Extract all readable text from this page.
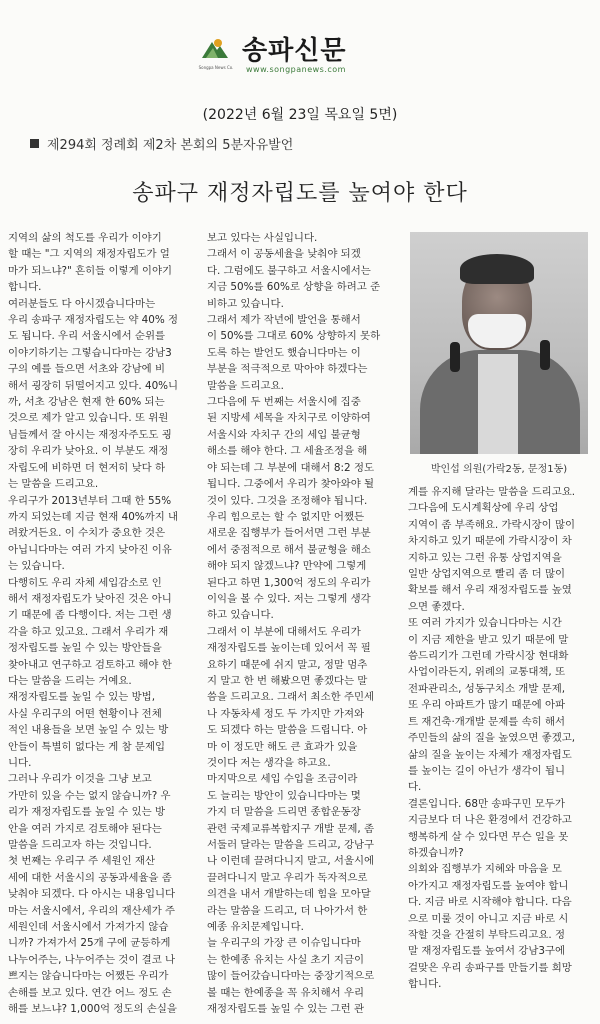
Songpa News Co.
송파신문
www.songpanews.com
(2022년 6월 23일 목요일 5면)
제294회 정례회 제2차 본회의 5분자유발언
송파구 재정자립도를 높여야 한다
지역의 삶의 척도를 우리가 이야기
할 때는 "그 지역의 재정자립도가 얼
마가 되느냐?" 흔히들 이렇게 이야기
합니다.
여러분들도 다 아시겠습니다마는
우리 송파구 재정자립도는 약 40% 정
도 됩니다. 우리 서울시에서 순위를
이야기하기는 그렇습니다마는 강남3
구의 예를 들으면 서초와 강남에 비
해서 굉장히 뒤떨어지고 있다. 40%니
까, 서초 강남은 현재 한 60% 되는
것으로 제가 알고 있습니다. 또 위원
님들께서 잘 아시는 재정자주도도 굉
장히 우리가 낮아요. 이 부분도 재정
자립도에 비하면 더 현저히 낮다 하
는 말씀을 드리고요.
우리구가 2013년부터 그때 한 55%
까지 되었는데 지금 현재 40%까지 내
려왔거든요. 이 수치가 중요한 것은
아닙니다마는 여러 가지 낮아진 이유
는 있습니다.
다행히도 우리 자체 세입감소로 인
해서 재정자립도가 낮아진 것은 아니
기 때문에 좀 다행이다. 저는 그런 생
각을 하고 있고요. 그래서 우리가 재
정자립도를 높일 수 있는 방안들을
찾아내고 연구하고 검토하고 해야 한
다는 말씀을 드리는 거예요.
재정자립도를 높일 수 있는 방법,
사실 우리구의 어떤 현황이나 전체
적인 내용들을 보면 높일 수 있는 방
안들이 특별히 없다는 게 참 문제입
니다.
그러나 우리가 이것을 그냥 보고
가만히 있을 수는 없지 않습니까? 우
리가 재정자립도를 높일 수 있는 방
안을 여러 가지로 검토해야 된다는
말씀을 드리고자 하는 것입니다.
첫 번째는 우리구 주 세원인 재산
세에 대한 서울시의 공동과세율을 좀
낮춰야 되겠다. 다 아시는 내용입니다
마는 서울시에서, 우리의 재산세가 주
세원인데 서울시에서 가져가지 않습
니까? 가져가서 25개 구에 균등하게
나누어주는, 나누어주는 것이 결코 나
쁘지는 않습니다마는 어쨌든 우리가
손해를 보고 있다. 연간 어느 정도 손
해를 보느냐? 1,000억 정도의 손실을
보고 있다는 사실입니다.
그래서 이 공동세율을 낮춰야 되겠
다. 그럼에도 불구하고 서울시에서는
지금 50%를 60%로 상향을 하려고 준
비하고 있습니다.
그래서 제가 작년에 발언을 통해서
이 50%를 그대로 60% 상향하지 못하
도록 하는 발언도 했습니다마는 이
부분을 적극적으로 막아야 하겠다는
말씀을 드리고요.
그다음에 두 번째는 서울시에 집중
된 지방세 세목을 자치구로 이양하여
서울시와 자치구 간의 세입 불균형
해소를 해야 한다. 그 세율조정을 해
야 되는데 그 부분에 대해서 8:2 정도
됩니다. 그중에서 우리가 찾아와야 될
것이 있다. 그것을 조정해야 됩니다.
우리 힘으로는 할 수 없지만 어쨌든
새로운 집행부가 들어서면 그런 부분
에서 중점적으로 해서 불균형을 해소
해야 되지 않겠느냐? 만약에 그렇게
된다고 하면 1,300억 정도의 우리가
이익을 볼 수 있다. 저는 그렇게 생각
하고 있습니다.
그래서 이 부분에 대해서도 우리가
재정자립도를 높이는데 있어서 꼭 필
요하기 때문에 쉬지 말고, 정말 멈추
지 말고 한 번 해봤으면 좋겠다는 말
씀을 드리고요. 그래서 최소한 주민세
나 자동차세 정도 두 가지만 가져와
도 되겠다 하는 말씀을 드립니다. 아
마 이 정도만 해도 큰 효과가 있을
것이다 저는 생각을 하고요.
마지막으로 세입 수입을 조금이라
도 늘리는 방안이 있습니다마는 몇
가지 더 말씀을 드리면 종합운동장
관련 국제교류복합지구 개발 문제, 좀
서둘러 달라는 말씀을 드리고, 강남구
나 이런데 끌려다니지 말고, 서울시에
끌려다니지 말고 우리가 독자적으로
의견을 내서 개발하는데 힘을 모아달
라는 말씀을 드리고, 더 나아가서 한
예종 유치문제입니다.
늘 우리구의 가장 큰 이슈입니다마
는 한예종 유치는 사실 초기 지금이
많이 들어갔습니다마는 중장기적으로
볼 때는 한예종을 꼭 유치해서 우리
재정자립도를 높일 수 있는 그런 관
박인섭 의원(가락2동, 문정1동)
계를 유지해 달라는 말씀을 드리고요.
그다음에 도시계획상에 우리 상업
지역이 좀 부족해요. 가락시장이 많이
차지하고 있기 때문에 가락시장이 차
지하고 있는 그런 유통 상업지역을
일반 상업지역으로 빨리 좀 더 많이
확보를 해서 우리 재정자립도를 높였
으면 좋겠다.
또 여러 가지가 있습니다마는 시간
이 지금 제한을 받고 있기 때문에 말
씀드리기가 그런데 가락시장 현대화
사업이라든지, 위례의 교통대책, 또
전파관리소, 성동구치소 개발 문제,
또 우리 아파트가 많기 때문에 아파
트 재건축·개개발 문제를 속히 해서
주민들의 삶의 질을 높였으면 좋겠고,
삶의 질을 높이는 자체가 재정자립도
를 높이는 길이 아닌가 생각이 됩니
다.
결론입니다. 68만 송파구민 모두가
지금보다 더 나은 환경에서 건강하고
행복하게 살 수 있다면 무슨 일을 못
하겠습니까?
의회와 집행부가 지혜와 마음을 모
아가지고 재정자립도를 높여야 합니
다. 지금 바로 시작해야 합니다. 다음
으로 미룰 것이 아니고 지금 바로 시
작할 것을 간절히 부탁드리고요. 정
말 재정자립도를 높여서 강남3구에
걸맞은 우리 송파구를 만들기를 희망
합니다.
